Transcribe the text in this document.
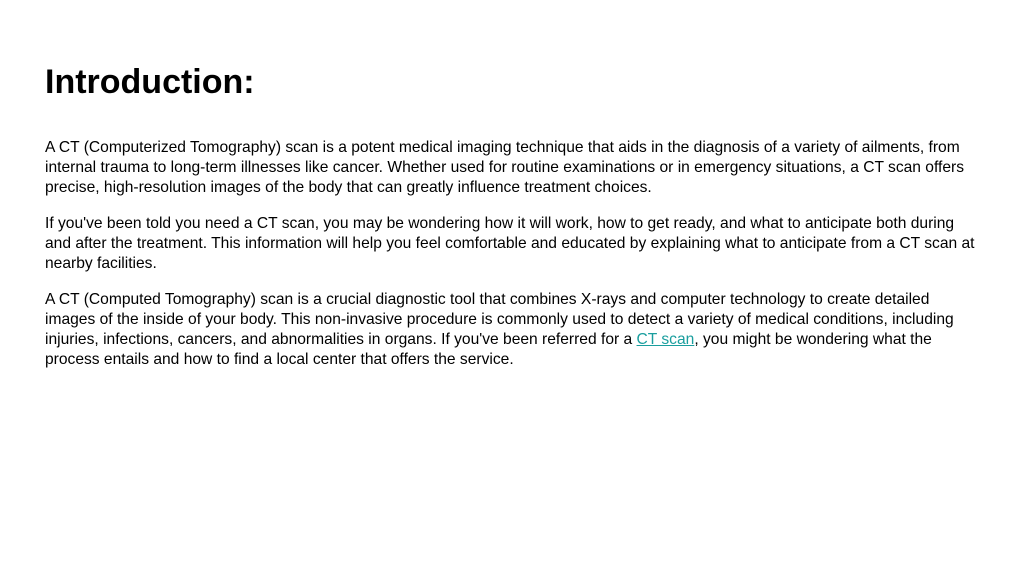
Introduction:

A CT (Computerized Tomography) scan is a potent medical imaging technique that aids in the diagnosis of a variety of ailments, from internal trauma to long-term illnesses like cancer. Whether used for routine examinations or in emergency situations, a CT scan offers precise, high-resolution images of the body that can greatly influence treatment choices.

If you've been told you need a CT scan, you may be wondering how it will work, how to get ready, and what to anticipate both during and after the treatment. This information will help you feel comfortable and educated by explaining what to anticipate from a CT scan at nearby facilities.

A CT (Computed Tomography) scan is a crucial diagnostic tool that combines X-rays and computer technology to create detailed images of the inside of your body. This non-invasive procedure is commonly used to detect a variety of medical conditions, including injuries, infections, cancers, and abnormalities in organs. If you've been referred for a CT scan, you might be wondering what the process entails and how to find a local center that offers the service.
